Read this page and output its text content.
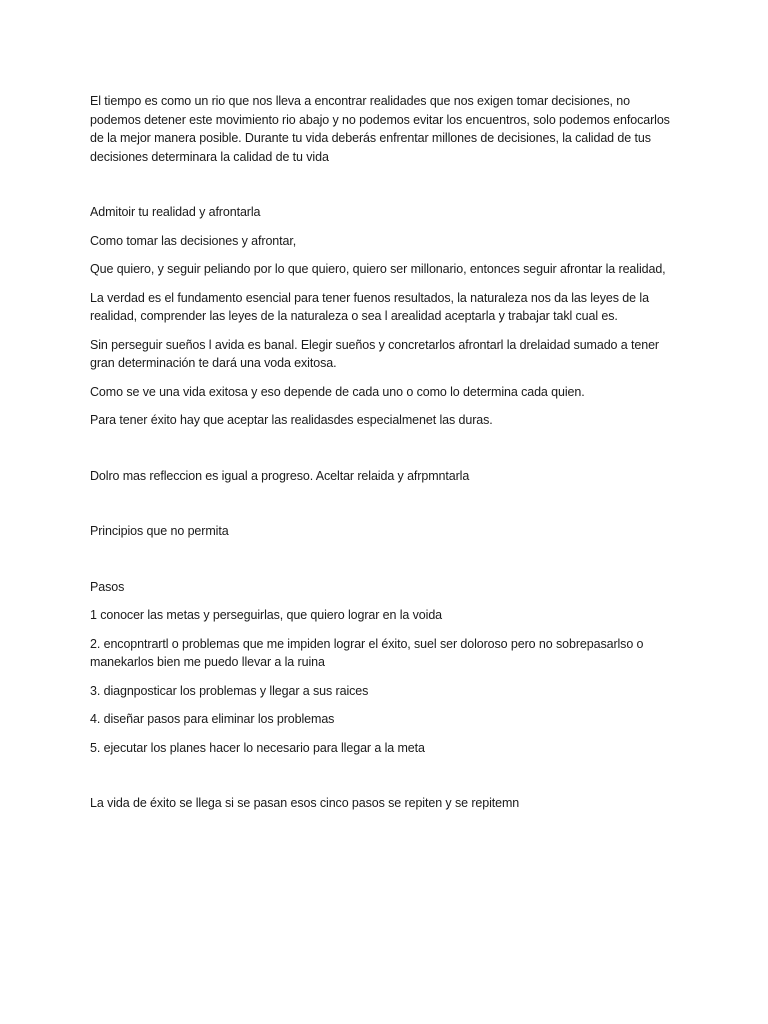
El tiempo es como un rio que nos lleva a encontrar realidades que nos exigen tomar decisiones, no podemos detener este movimiento rio abajo y no podemos evitar los encuentros, solo podemos enfocarlos de la mejor manera posible. Durante tu vida deberás enfrentar millones de decisiones, la calidad de tus decisiones determinara la calidad de tu vida

Admitoir tu realidad y afrontarla

Como tomar las decisiones y afrontar,

Que quiero, y seguir peliando por lo que quiero, quiero ser millonario, entonces seguir afrontar la realidad,

La verdad es el fundamento esencial para tener fuenos resultados, la naturaleza nos da las leyes de la realidad, comprender las leyes de la naturaleza o sea l arealidad aceptarla y trabajar takl cual es.

Sin perseguir sueños l avida es banal. Elegir sueños y concretarlos afrontarl la drelaidad sumado a tener gran determinación te dará una voda exitosa.

Como se ve una vida exitosa y eso depende de cada uno o como lo determina cada quien.

Para tener éxito hay que aceptar las realidasdes especialmenet las duras.

Dolro mas refleccion es igual a progreso. Aceltar relaida y afrpmntarla

Principios que no permita

Pasos

1 conocer las metas y perseguirlas, que quiero lograr en la voida

2. encopntrartl o problemas que me impiden lograr el éxito, suel ser doloroso pero no sobrepasarlso o manekarlos bien me puedo llevar a la ruina

3. diagnposticar los problemas y llegar a sus raices

4. diseñar pasos para eliminar los problemas

5. ejecutar los planes hacer lo necesario para llegar a la meta

La vida de éxito se llega si se pasan esos cinco pasos se repiten y se repitemn
